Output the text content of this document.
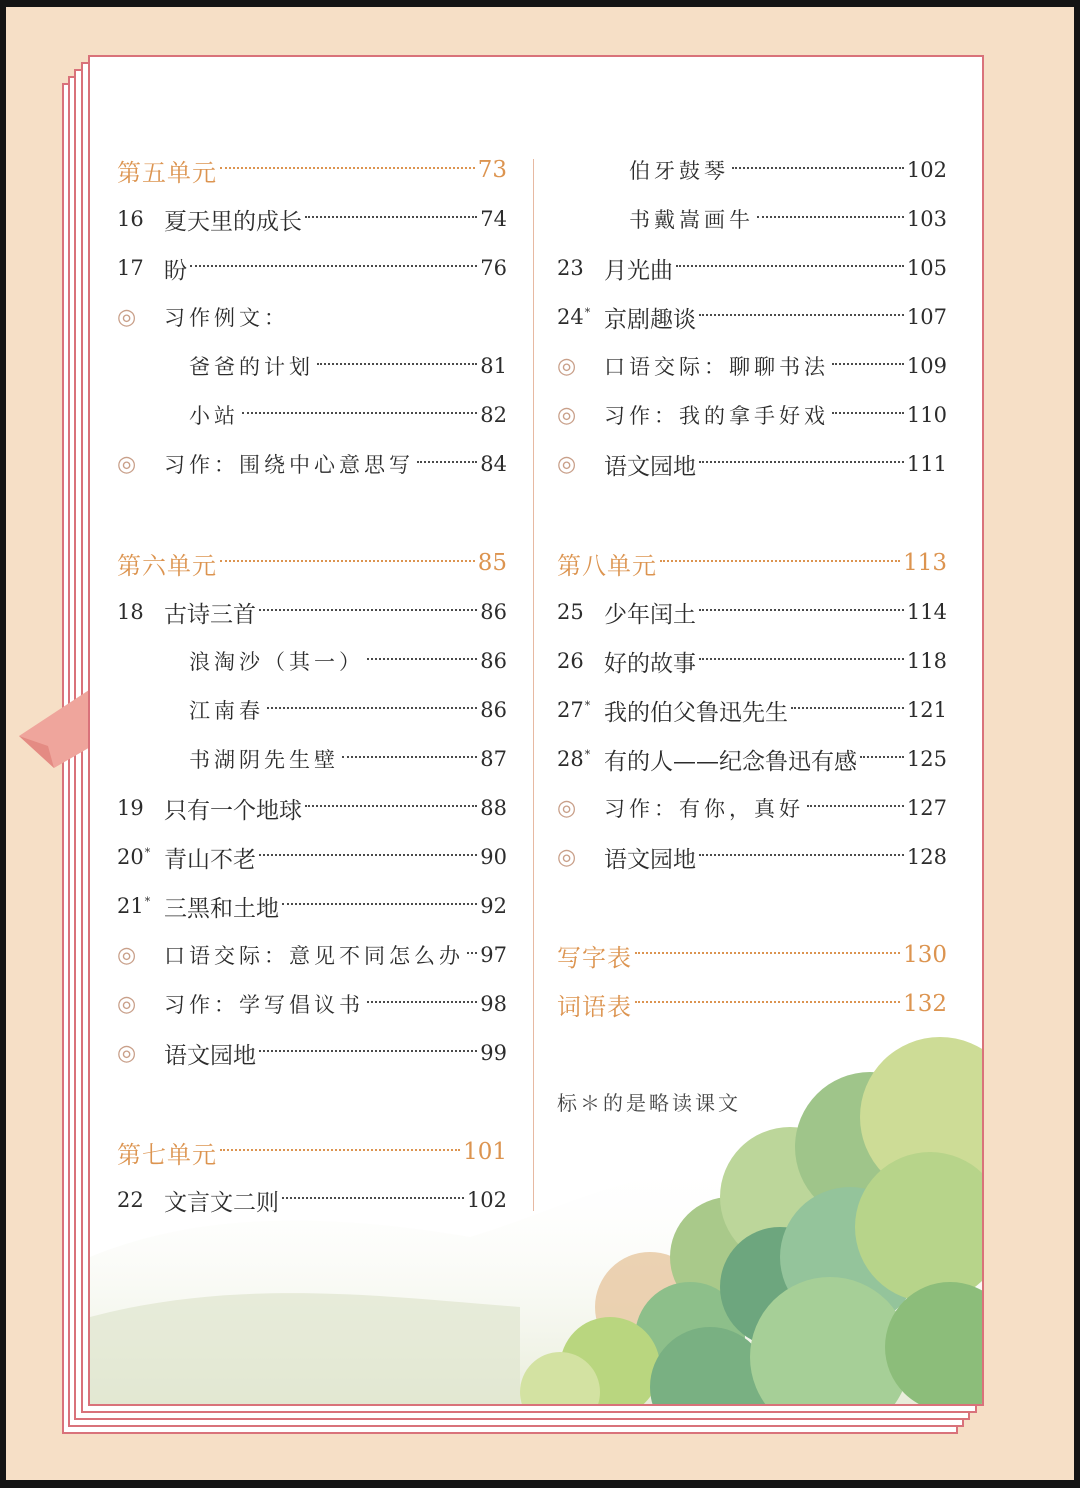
第五单元	73
16 夏天里的成长	74
17 盼	76
◎	习作例文：
爸爸的计划	81
小站	82
◎	习作：围绕中心意思写	84
第六单元	85
18 古诗三首	86
浪淘沙（其一）	86
江南春	86
书湖阴先生壁	87
19 只有一个地球	88
20* 青山不老	90
21* 三黑和土地	92
◎	口语交际：意见不同怎么办 97
◎	习作：学写倡议书	98
◎	语文园地	99
第七单元	101
22 文言文二则	102
伯牙鼓琴	102
书戴嵩画牛	103
23 月光曲	105
24* 京剧趣谈	107
◎	口语交际：聊聊书法	109
◎	习作：我的拿手好戏	110
◎	语文园地	111
第八单元	113
25 少年闰土	114
26 好的故事	118
27* 我的伯父鲁迅先生	121
28* 有的人——纪念鲁迅有感 125
◎	习作：有你，真好	127
◎	语文园地	128
写字表	130
词语表	132
标＊的是略读课文
